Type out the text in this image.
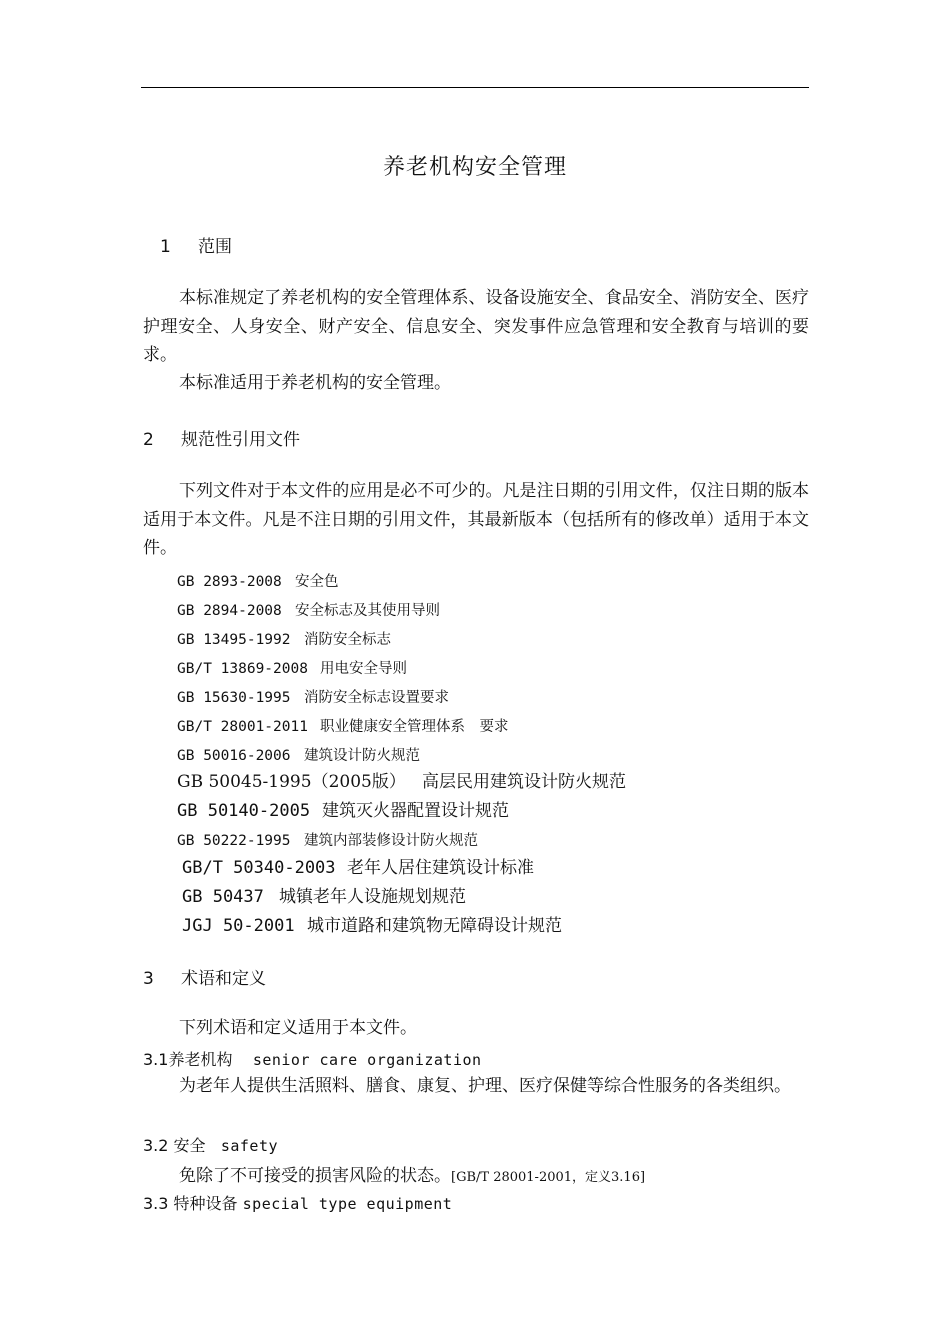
养老机构安全管理
1 范围
本标准规定了养老机构的安全管理体系、设备设施安全、食品安全、消防安全、医疗护理安全、人身安全、财产安全、信息安全、突发事件应急管理和安全教育与培训的要求。
本标准适用于养老机构的安全管理。
2 规范性引用文件
下列文件对于本文件的应用是必不可少的。凡是注日期的引用文件，仅注日期的版本适用于本文件。凡是不注日期的引用文件，其最新版本（包括所有的修改单）适用于本文件。
GB 2893-2008 安全色
GB 2894-2008 安全标志及其使用导则
GB 13495-1992 消防安全标志
GB/T 13869-2008 用电安全导则
GB 15630-1995 消防安全标志设置要求
GB/T 28001-2011 职业健康安全管理体系　要求
GB 50016-2006 建筑设计防火规范
GB 50045-1995（2005版） 高层民用建筑设计防火规范
GB 50140-2005 建筑灭火器配置设计规范
GB 50222-1995 建筑内部装修设计防火规范
GB/T 50340-2003 老年人居住建筑设计标准
GB 50437 城镇老年人设施规划规范
JGJ 50-2001 城市道路和建筑物无障碍设计规范
3 术语和定义
下列术语和定义适用于本文件。
3.1养老机构 senior care organization
为老年人提供生活照料、膳食、康复、护理、医疗保健等综合性服务的各类组织。
3.2 安全 safety
免除了不可接受的损害风险的状态。[GB/T 28001-2001，定义3.16]
3.3 特种设备 special type equipment
